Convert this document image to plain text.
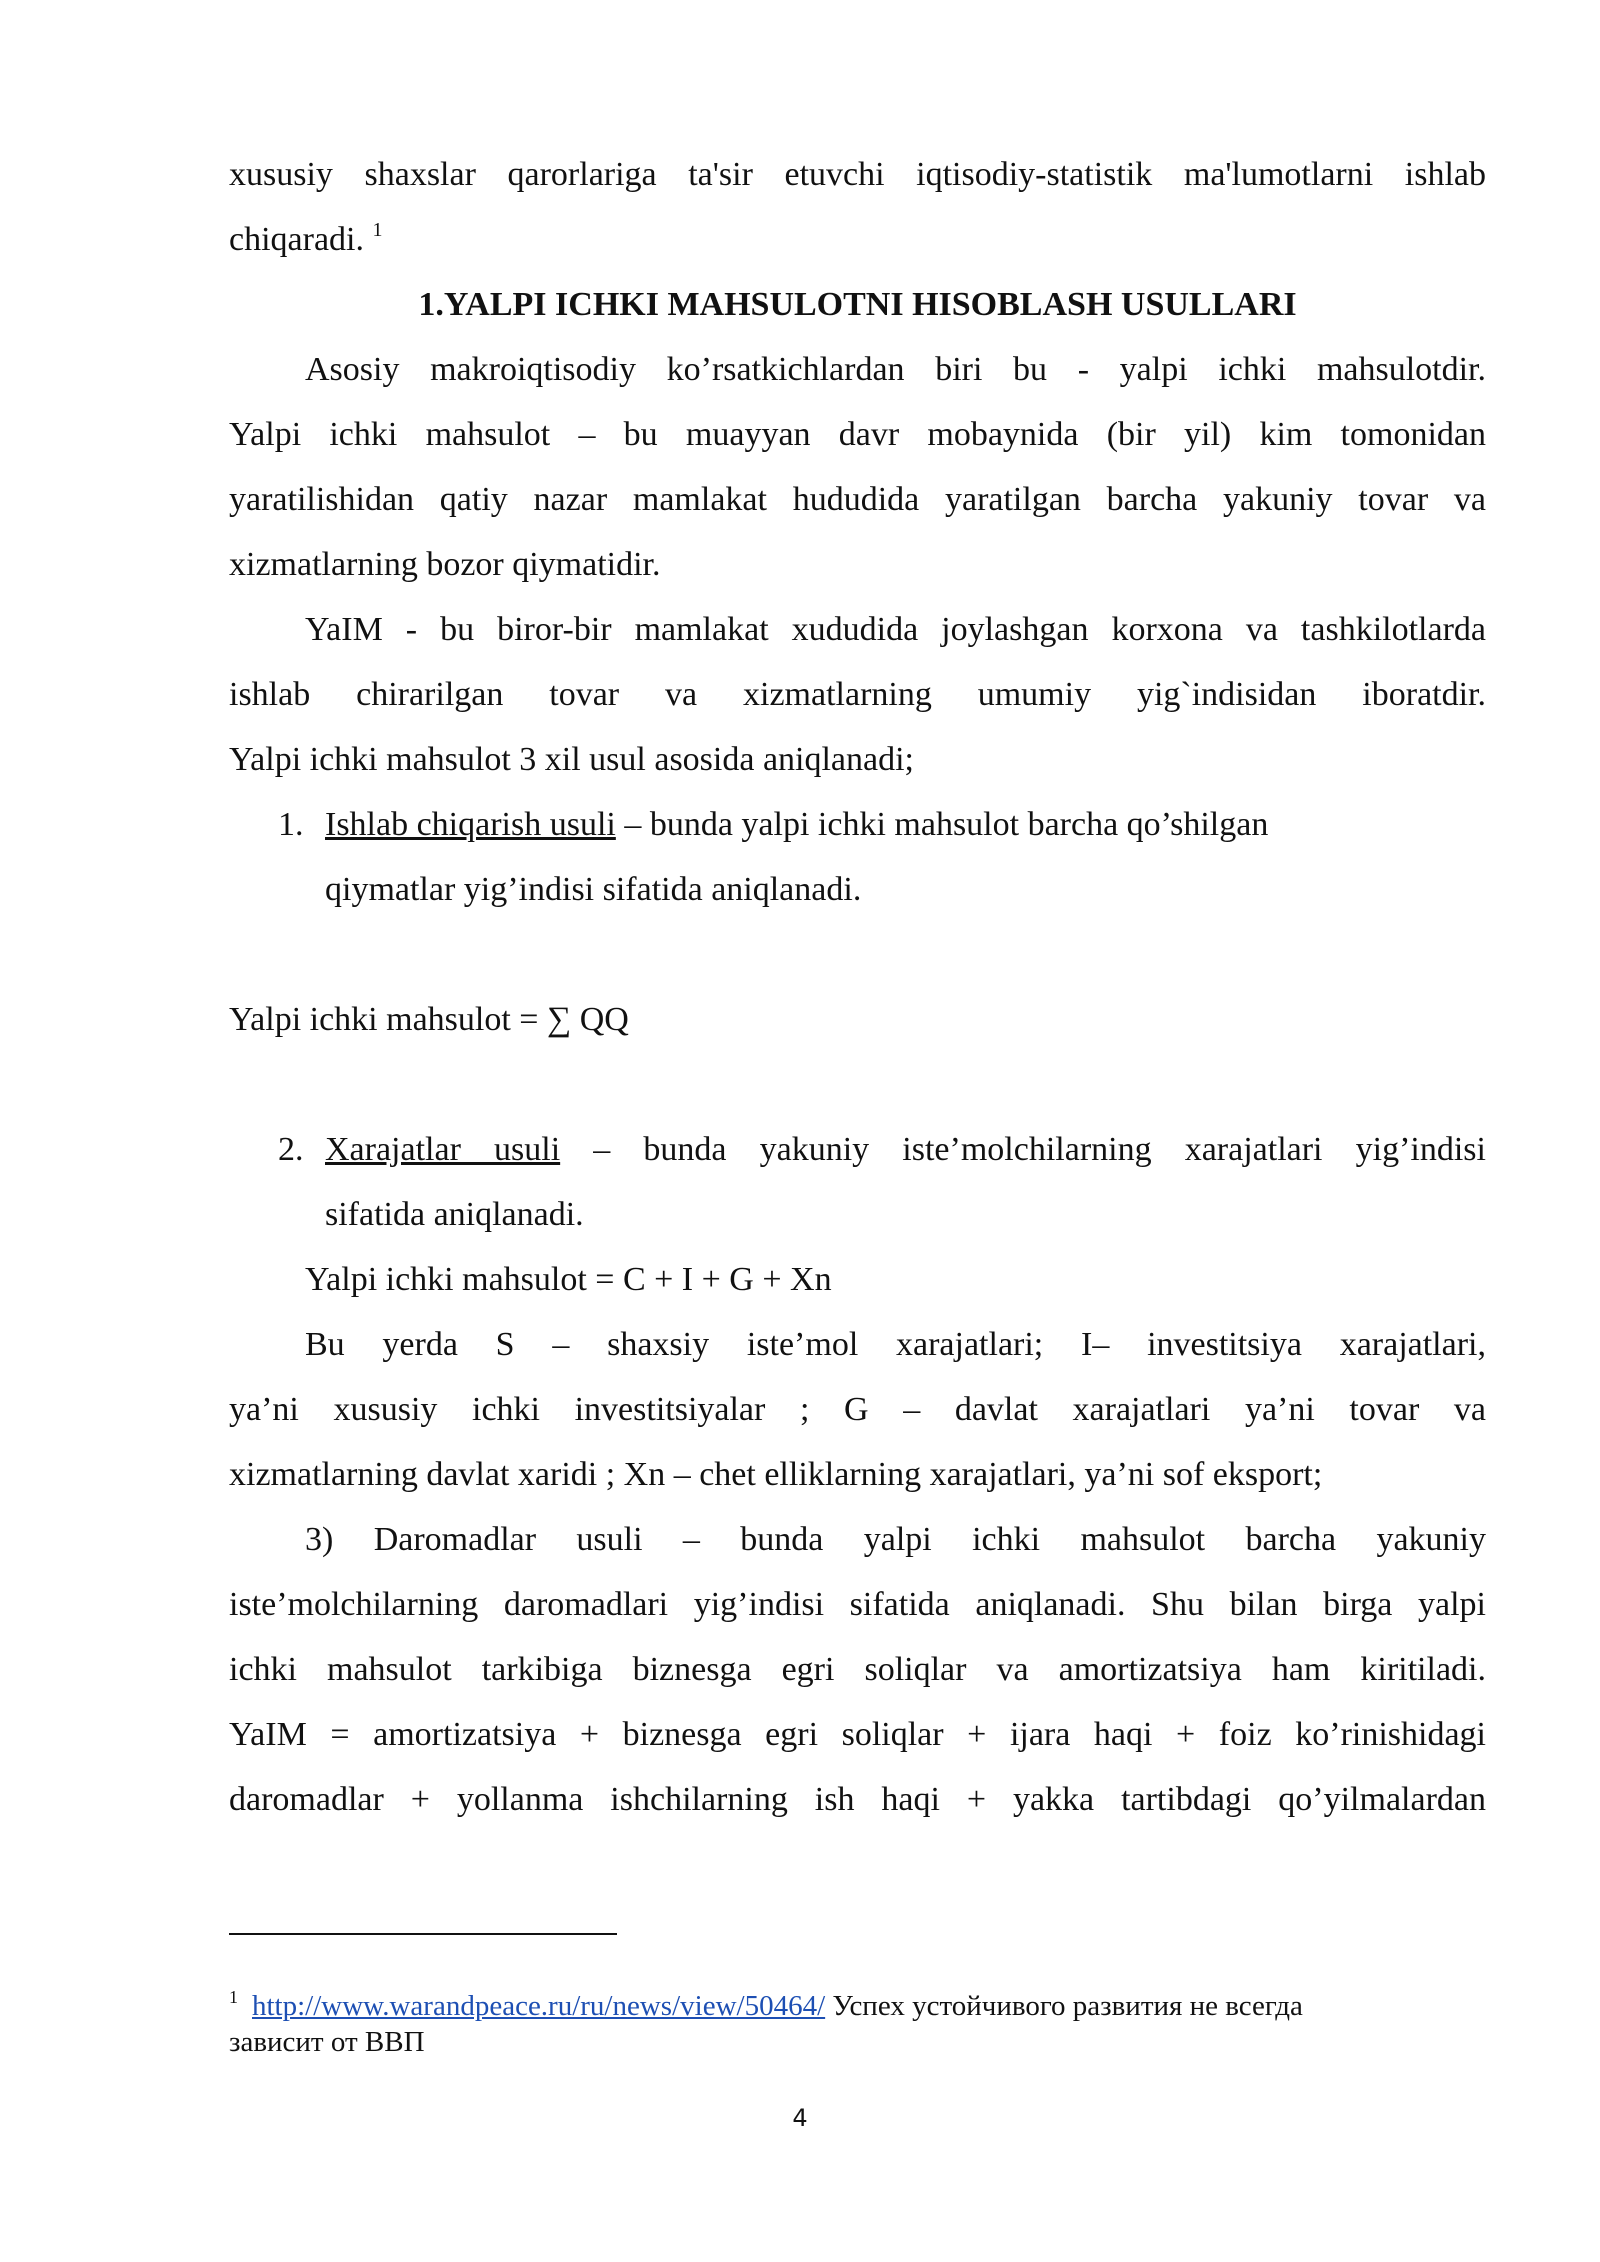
xususiy shaxslar qarorlariga ta'sir etuvchi iqtisodiy-statistik ma'lumotlarni ishlab
chiqaradi. $^1$
1.YALPI ICHKI MAHSULOTNI HISOBLASH USULLARI
Asosiy makroiqtisodiy ko’rsatkichlardan biri bu - yalpi ichki mahsulotdir.
Yalpi ichki mahsulot – bu muayyan davr mobaynida (bir yil) kim tomonidan
yaratilishidan qatiy nazar mamlakat hududida yaratilgan barcha yakuniy tovar va
xizmatlarning bozor qiymatidir.
YaIM - bu biror-bir mamlakat xududida joylashgan korxona va tashkilotlarda
ishlab chirarilgan tovar va xizmatlarning umumiy yig`indisidan iboratdir.
Yalpi ichki mahsulot 3 xil usul asosida aniqlanadi;
1. Ishlab chiqarish usuli – bunda yalpi ichki mahsulot barcha qo’shilgan
qiymatlar yig’indisi sifatida aniqlanadi.
Yalpi ichki mahsulot = ∑ QQ
2. Xarajatlar usuli – bunda yakuniy iste’molchilarning xarajatlari yig’indisi
sifatida aniqlanadi.
Yalpi ichki mahsulot = C + I + G + Xn
Bu yerda S – shaxsiy iste’mol xarajatlari; I– investitsiya xarajatlari,
ya’ni xususiy ichki investitsiyalar ; G – davlat xarajatlari ya’ni tovar va
xizmatlarning davlat xaridi ; Xn – chet elliklarning xarajatlari, ya’ni sof eksport;
3) Daromadlar usuli – bunda yalpi ichki mahsulot barcha yakuniy
iste’molchilarning daromadlari yig’indisi sifatida aniqlanadi. Shu bilan birga yalpi
ichki mahsulot tarkibiga biznesga egri soliqlar va amortizatsiya ham kiritiladi.
YaIM = amortizatsiya + biznesga egri soliqlar + ijara haqi + foiz ko’rinishidagi
daromadlar + yollanma ishchilarning ish haqi + yakka tartibdagi qo’yilmalardan
$^1$ http://www.warandpeace.ru/ru/news/view/50464/ Успех устойчивого развития не всегда
зависит от ВВП
4
